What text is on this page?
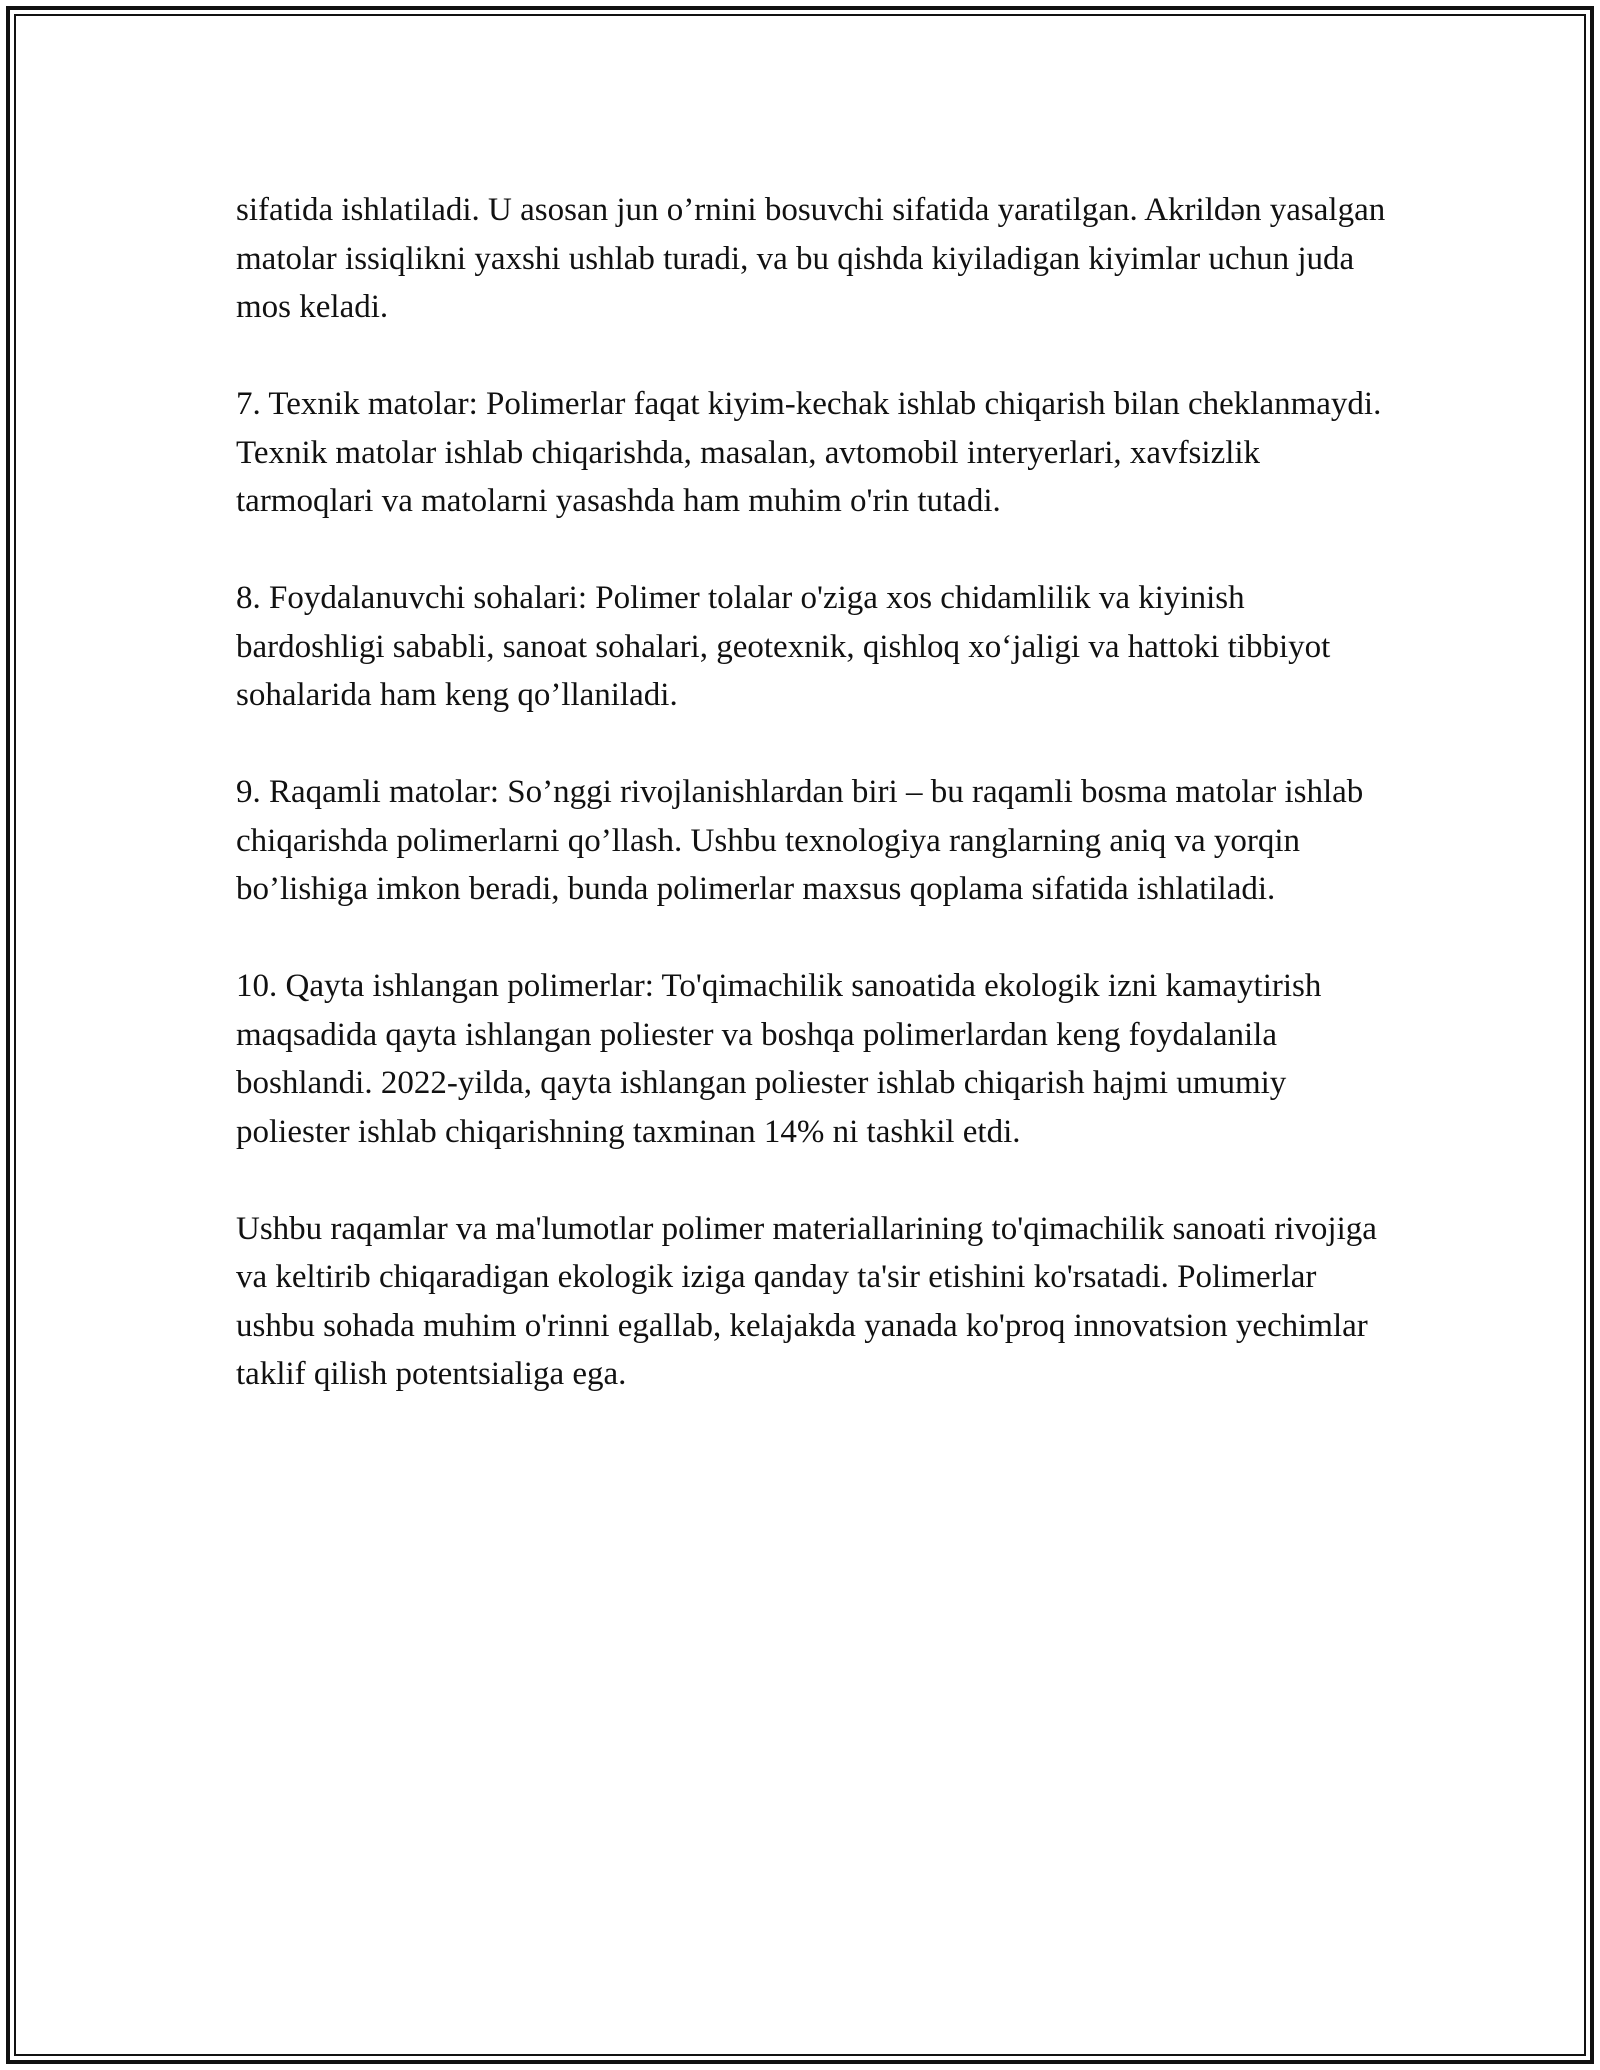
sifatida ishlatiladi. U asosan jun o’rnini bosuvchi sifatida yaratilgan. Akrildən yasalgan matolar issiqlikni yaxshi ushlab turadi, va bu qishda kiyiladigan kiyimlar uchun juda mos keladi.

7. Texnik matolar: Polimerlar faqat kiyim-kechak ishlab chiqarish bilan cheklanmaydi. Texnik matolar ishlab chiqarishda, masalan, avtomobil interyerlari, xavfsizlik tarmoqlari va matolarni yasashda ham muhim o'rin tutadi.

8. Foydalanuvchi sohalari: Polimer tolalar o'ziga xos chidamlilik va kiyinish bardoshligi sababli, sanoat sohalari, geotexnik, qishloq xo‘jaligi va hattoki tibbiyot sohalarida ham keng qo’llaniladi.

9. Raqamli matolar: So’nggi rivojlanishlardan biri – bu raqamli bosma matolar ishlab chiqarishda polimerlarni qo’llash. Ushbu texnologiya ranglarning aniq va yorqin bo’lishiga imkon beradi, bunda polimerlar maxsus qoplama sifatida ishlatiladi.

10. Qayta ishlangan polimerlar: To'qimachilik sanoatida ekologik izni kamaytirish maqsadida qayta ishlangan poliester va boshqa polimerlardan keng foydalanila boshlandi. 2022-yilda, qayta ishlangan poliester ishlab chiqarish hajmi umumiy poliester ishlab chiqarishning taxminan 14% ni tashkil etdi.

Ushbu raqamlar va ma'lumotlar polimer materiallarining to'qimachilik sanoati rivojiga va keltirib chiqaradigan ekologik iziga qanday ta'sir etishini ko'rsatadi. Polimerlar ushbu sohada muhim o'rinni egallab, kelajakda yanada ko'proq innovatsion yechimlar taklif qilish potentsialiga ega.
